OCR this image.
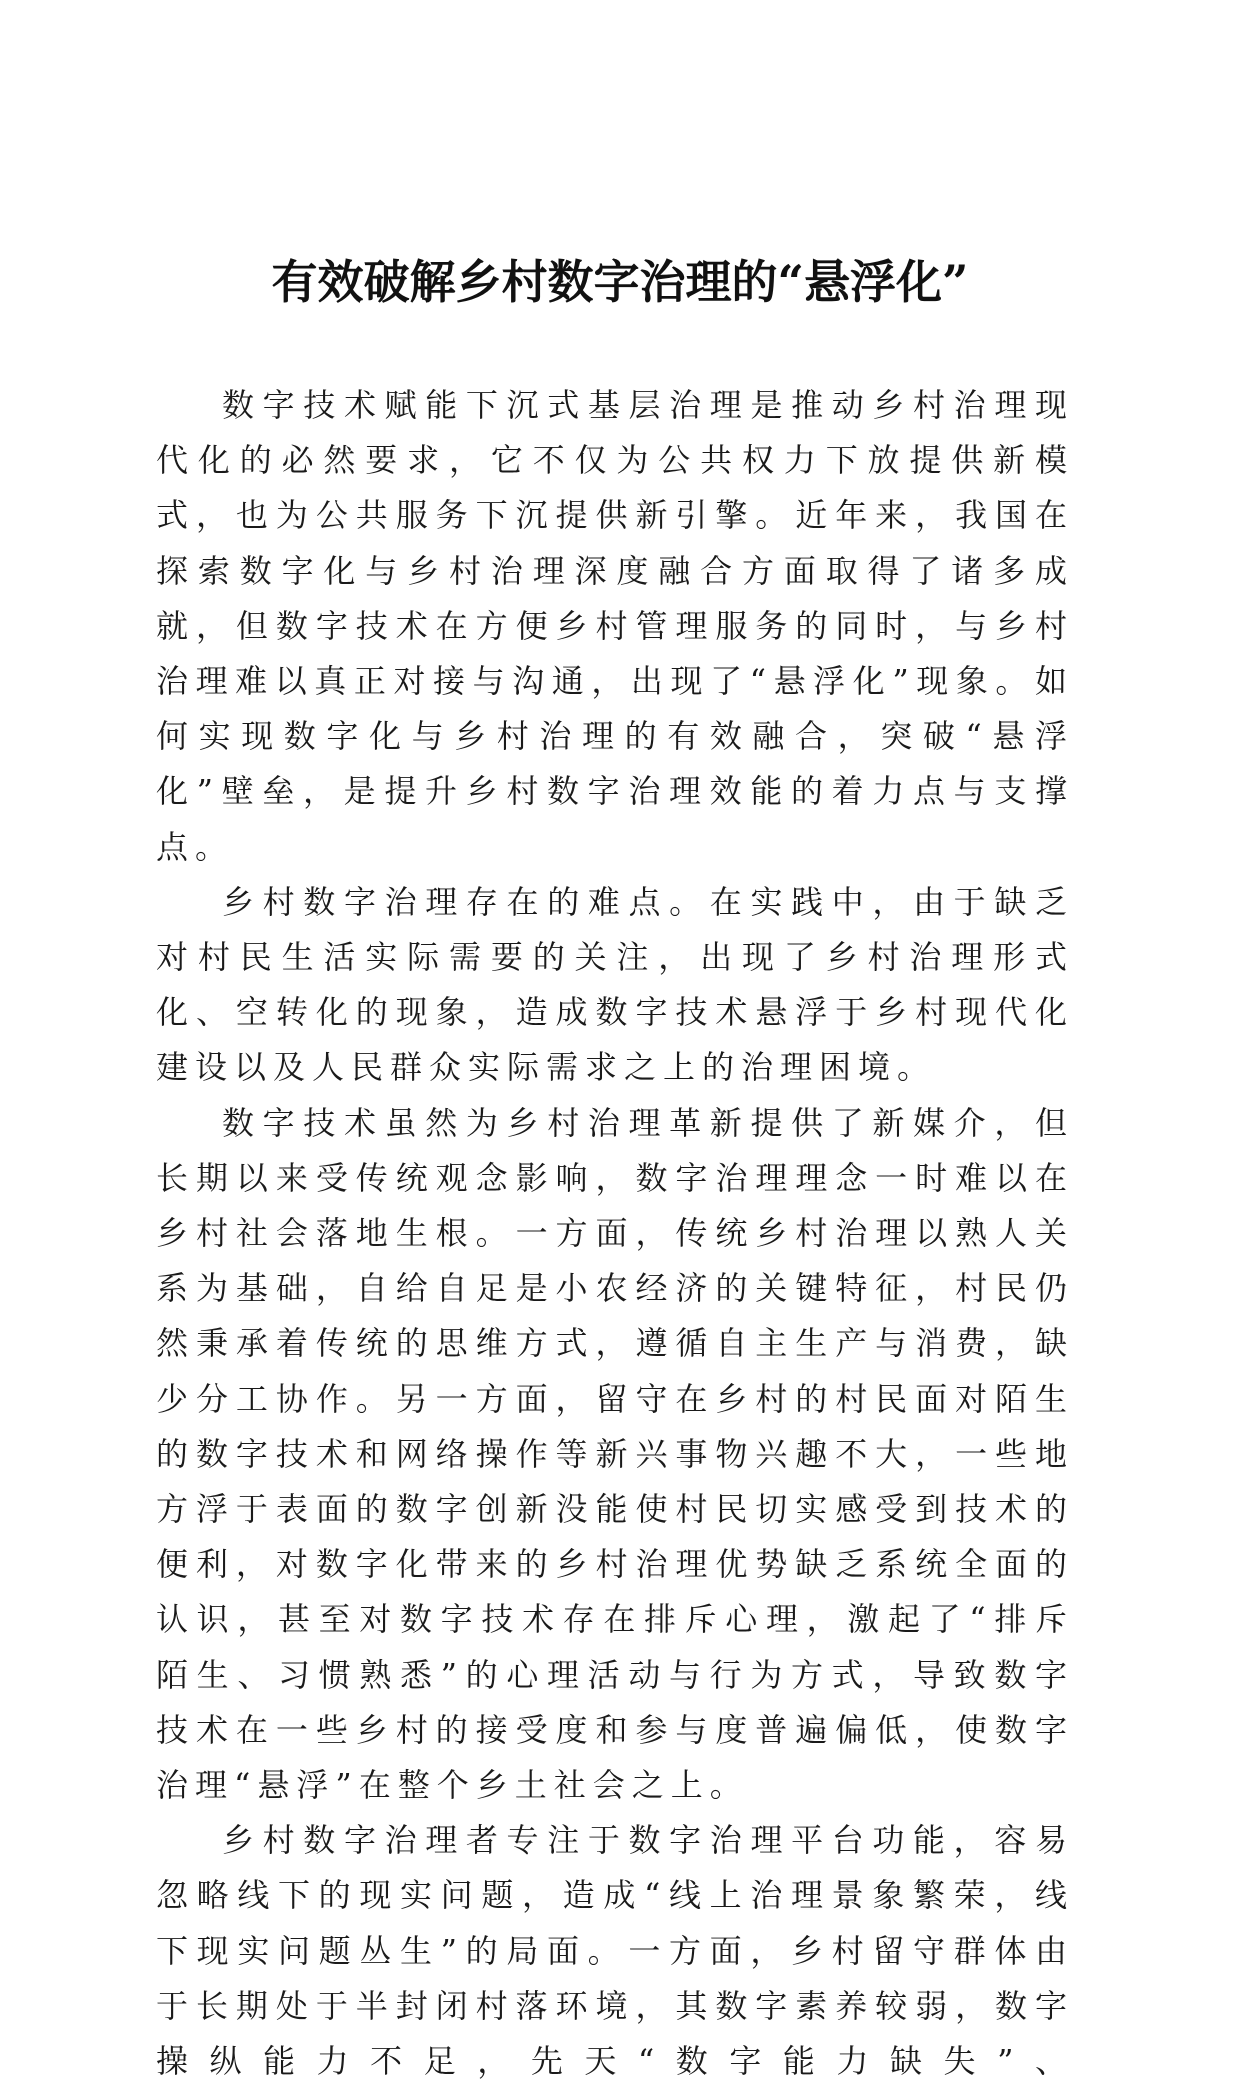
有效破解乡村数字治理的“悬浮化”

数字技术赋能下沉式基层治理是推动乡村治理现代化的必然要求，它不仅为公共权力下放提供新模式，也为公共服务下沉提供新引擎。近年来，我国在探索数字化与乡村治理深度融合方面取得了诸多成就，但数字技术在方便乡村管理服务的同时，与乡村治理难以真正对接与沟通，出现了“悬浮化”现象。如何实现数字化与乡村治理的有效融合，突破“悬浮化”壁垒，是提升乡村数字治理效能的着力点与支撑点。

乡村数字治理存在的难点。在实践中，由于缺乏对村民生活实际需要的关注，出现了乡村治理形式化、空转化的现象，造成数字技术悬浮于乡村现代化建设以及人民群众实际需求之上的治理困境。

数字技术虽然为乡村治理革新提供了新媒介，但长期以来受传统观念影响，数字治理理念一时难以在乡村社会落地生根。一方面，传统乡村治理以熟人关系为基础，自给自足是小农经济的关键特征，村民仍然秉承着传统的思维方式，遵循自主生产与消费，缺少分工协作。另一方面，留守在乡村的村民面对陌生的数字技术和网络操作等新兴事物兴趣不大，一些地方浮于表面的数字创新没能使村民切实感受到技术的便利，对数字化带来的乡村治理优势缺乏系统全面的认识，甚至对数字技术存在排斥心理，激起了“排斥陌生、习惯熟悉”的心理活动与行为方式，导致数字技术在一些乡村的接受度和参与度普遍偏低，使数字治理“悬浮”在整个乡土社会之上。

乡村数字治理者专注于数字治理平台功能，容易忽略线下的现实问题，造成“线上治理景象繁荣，线下现实问题丛生”的局面。一方面，乡村留守群体由于长期处于半封闭村落环境，其数字素养较弱，数字操纵能力不足，先天“数字能力缺失”、
